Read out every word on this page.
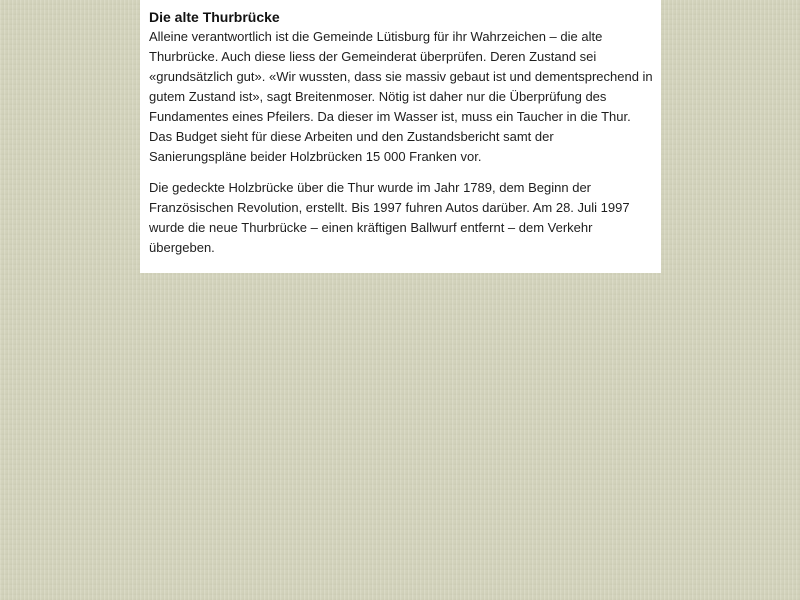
Die alte Thurbrücke

Alleine verantwortlich ist die Gemeinde Lütisburg für ihr Wahrzeichen – die alte Thurbrücke. Auch diese liess der Gemeinderat überprüfen. Deren Zustand sei «grundsätzlich gut». «Wir wussten, dass sie massiv gebaut ist und dementsprechend in gutem Zustand ist», sagt Breitenmoser. Nötig ist daher nur die Überprüfung des Fundamentes eines Pfeilers. Da dieser im Wasser ist, muss ein Taucher in die Thur. Das Budget sieht für diese Arbeiten und den Zustandsbericht samt der Sanierungspläne beider Holzbrücken 15 000 Franken vor.

Die gedeckte Holzbrücke über die Thur wurde im Jahr 1789, dem Beginn der Französischen Revolution, erstellt. Bis 1997 fuhren Autos darüber. Am 28. Juli 1997 wurde die neue Thurbrücke – einen kräftigen Ballwurf entfernt – dem Verkehr übergeben.
